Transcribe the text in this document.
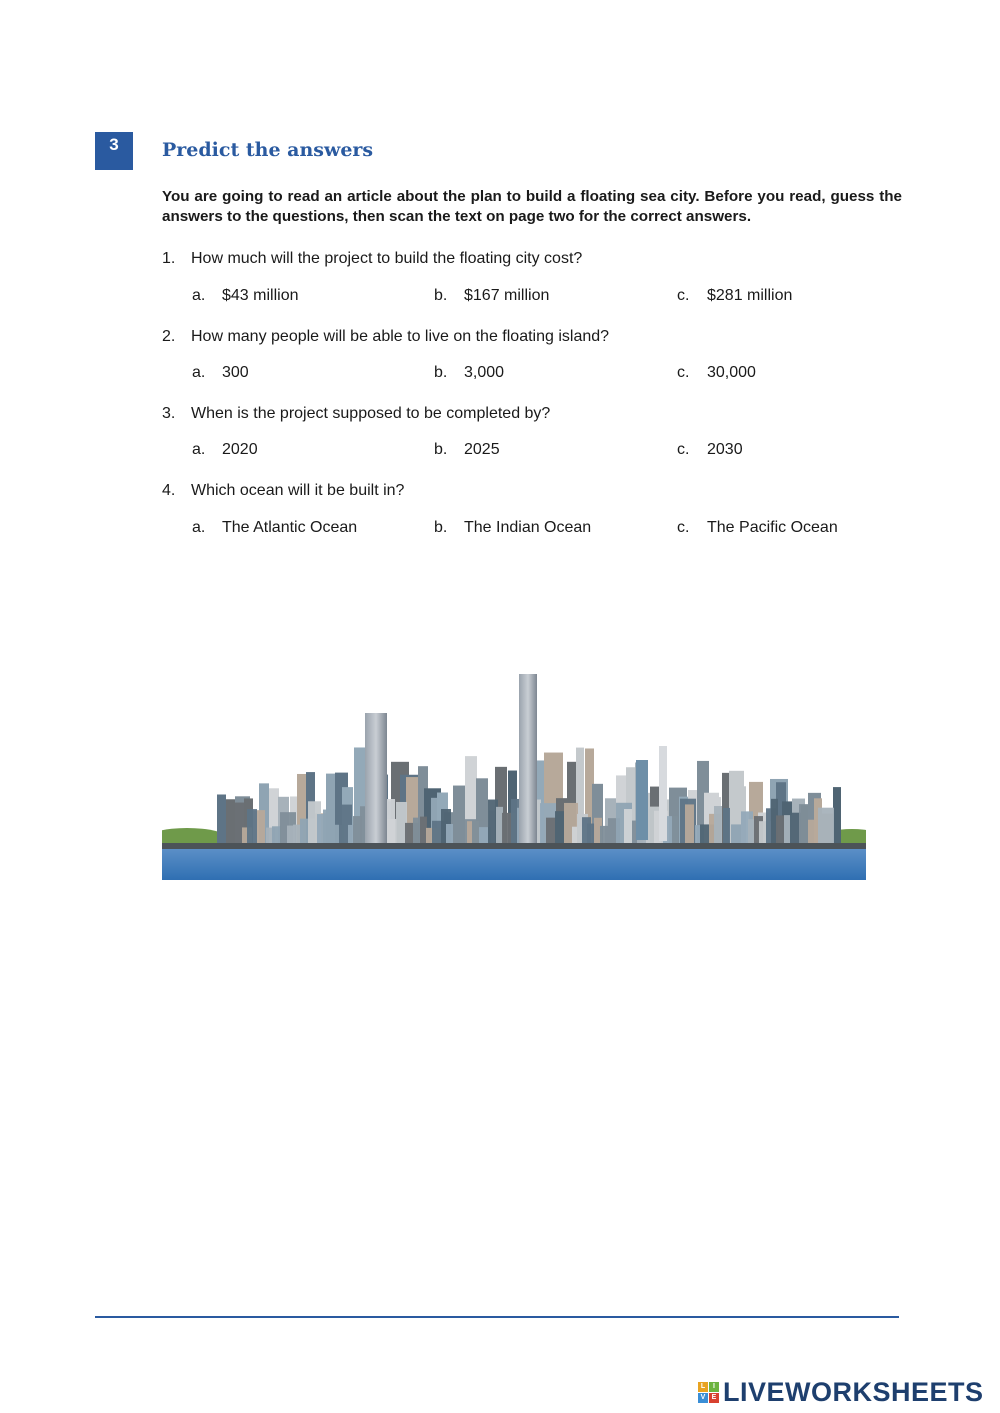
3	Predict the answers

You are going to read an article about the plan to build a floating sea city. Before you read, guess the answers to the questions, then scan the text on page two for the correct answers.

1. How much will the project to build the floating city cost?
a. $43 million	b. $167 million	c. $281 million
2. How many people will be able to live on the floating island?
a. 300	b. 3,000	c. 30,000
3. When is the project supposed to be completed by?
a. 2020	b. 2025	c. 2030
4. Which ocean will it be built in?
a. The Atlantic Ocean	b. The Indian Ocean	c. The Pacific Ocean
L	I
V E LIVEWORKSHEETS
